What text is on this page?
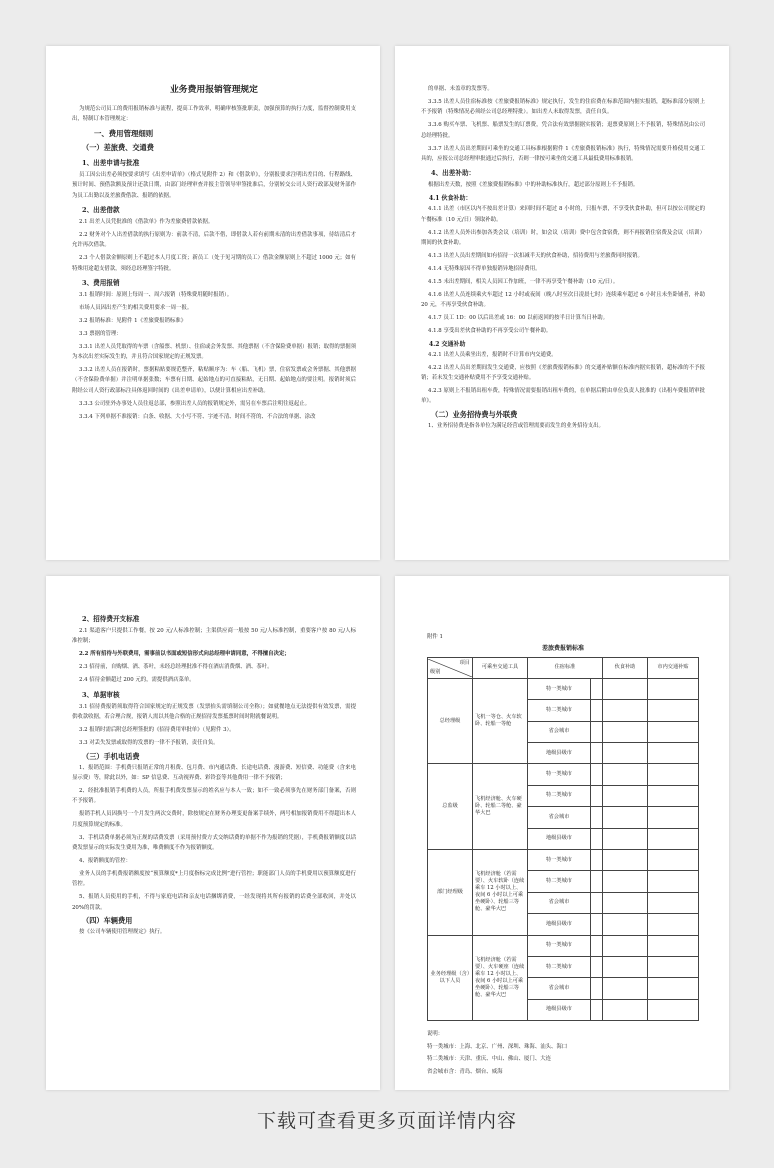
业务费用报销管理规定
为规范公司员工的费用报销标准与流程，提高工作效率，明确审核签批职责，加强预算的执行力度，监督控制费用支出，特制订本管理规定：
一、费用管理细则
（一）差旅费、交通费
1、出差申请与批准
员工因公出差必须按要求填写《出差申请单》（格式见附件 2）和《借款单》，分别报要求注明出差目的、行程路线、预计时间、预借款额及预计还款日期，由部门经理审查并报主管领导审签批准后，分别转交公司人资行政部及财务部作为员工出勤以及差旅费借款、报销的依据。
2、出差借款
2.1 出差人员凭批准的《借款单》作为差旅费借款依据。
2.2 财务对个人出差借款的执行原则为：前款不清，后款不借，即借款人若有前期未清的出差借款事项，待结清后才允许再次借款。
2.3 个人借款金额原则上不超过本人月度工资；新员工（处于见习期的员工）借款金额原则上不超过 1000 元；如有特殊用途超支借款，须经总经理签字特批。
3、费用报销
3.1 报销时间：原则上每周一、周六报销（特殊费用随时报销）。
市场人员因出差产生的相关费用要求一周一报。
3.2 报销标准：见附件 1《差旅费报销标准》
3.3 票据的管理：
3.3.1 出差人员凭取得的车票（含船票、机票）、住宿或会务发票、其他票据（不含保险费单据）报销；取得的票据须为本次出差实际发生的，并且符合国家规定的正规发票。
3.3.2 出差人员在报销时，票据粘贴要规范整齐，粘贴顺序为：车（船、飞机）票，住宿发票或会务票据、其他票据（不含保险费单据）并注明单据张数；车票有日期、起始地点的可直接粘贴，无日期、起始地点的要注明。报销时须后附经公司人资行政部标注具体返回时间的《出差申请单》，以便计算相应出差补助。
3.3.3 公司驻外办事处人员往返总部，参照出差人员的报销规定外，需另在车票后注明往返起止。
3.3.4 下列单据不准报销：白条、收据、大小写不符、字迹不清、时间不符的、不合法的单据、涂改
的单据、未盖章的发票等。
3.3.5 出差人员住宿标准按《差旅费报销标准》规定执行，发生的住宿费在标准范围内据实报销，超标准部分原则上不予报销（特殊情况必须经公司总经理特批）。如出差人未取得发票，责任自负。
3.3.6 购买车票、飞机票、船票发生的订票费，凭合法有效票据据实报销；退票费原则上不予报销，特殊情况由公司总经理特批。
3.3.7 出差人员出差期间可乘坐的交通工具标准根据附件 1《差旅费报销标准》执行，特殊情况需要升格使用交通工具的，应报公司总经理审批通过后执行，否则一律按可乘坐的交通工具最低费用标准报销。
4、出差补助：
根据出差天数，按照《差旅费报销标准》中的补助标准执行，超过部分原则上不予报销。
4.1 伙食补助：
4.1.1 出差（市区以内不按出差计算）来回时间不超过 8 小时的，只报车票，不享受伙食补助，但可以按公司规定的午餐标准（10 元/日）领取补助。
4.1.2 出差人员外出参加各类会议（培训）时，如会议（培训）费中包含食宿费，则不再报销住宿费及会议（培训）期间的伙食补助。
4.1.3 出差人员出差期间如有招待一次扣减半天的伙食补助，招待费用与差旅费同时报销。
4.1.4 无特殊原因不得单独报销异地招待费用。
4.1.5 未出差期间，相关人员因工作加班，一律不再享受午餐补助（10 元/日）。
4.1.6 出差人员连续乘火车超过 12 小时或夜间（晚八时至次日凌晨七时）连续乘车超过 6 小时且未坐卧铺者，补助 20 元，不再享受伙食补助。
4.1.7 员工 1D：00 以后出差或 16：00 以前返回的按半日计算当日补助。
4.1.8 享受出差伙食补助的不再享受公司午餐补助。
4.2 交通补助
4.2.1 出差人员乘坐出差，报销时不计算市内交通费。
4.2.2 出差人员出差期间发生交通费，应按照《差旅费报销标准》的交通补贴额在标准内据实报销，超标准的不予报销；若未发生交通补贴费用不予享受交通补贴。
4.2.3 原则上不报销出租车费，特殊情况需要报销出租车费的，在单据后附由单位负责人批准的《出租车费报销审批单》。
（二）业务招待费与外联费
1、业务招待费是指各单位为满足经营或管理需要而发生的业务招待支出。
2、招待费开支标准
2.1 渠道客户只提供工作餐，按 20 元/人标准控制；主渠供应商一般按 50 元/人标准控制，重要客户按 80 元/人标准控制；
2.2 所有招待与外联费用，需事前以书面或短信形式向总经理申请同意，不得擅自决定；
2.3 招待前，自购烟、酒、茶叶，未经总经理批准不得在酒店消费烟、酒、茶叶。
2.4 招待金额超过 200 元的，需提供酒店菜单。
3、单据审核
3.1 招待费报销须取得符合国家规定的正规发票（发票抬头需填制公司全称）；如就餐地点无法提供有效发票，需提供收款收据，若合理合规，报销人需以其他合格的正规招待发票抵票时间时附就餐说明。
3.2 报销时需后附总经理签批的《招待费用审批单》（见附件 3）。
3.3 对丢失发票或取得的发票的一律不予报销，责任自负。
（三）手机电话费
1、报销范围：手机费只报销正常的月租费、包月费、市内通话费、长途电话费、漫游费、短信费、功能费（含来电显示费）等，除此以外，如：SP 信息费、互动视界费、彩铃套等其他费用一律不予报销；
2、经批准报销手机费的人员，所报手机费发票显示的姓名应与本人一致；如不一致必须事先在财务部门备案，否则不予报销。
报销手机人员因换号一个月发生两次交费时，除按规定在财务办理变更备案手续外，两号相加报销费用不得超出本人月度预算规定的标准。
3、手机话费单据必须为正规的话费发票（采用预付费方式交纳话费的单据不作为报销的凭据），手机费报销额度以话费发票显示的实际发生费用为准，唯费额度不作为报销额度。
4、报销额度的管控：
业务人员的手机费报销额度按“预算额度*上月度指标完成比例”进行管控；职能部门人员的手机费用以预算额度进行管控。
5、报销人员使用的手机，不得与家庭电话和亲友电话捆绑消费，一经发现将其所有报销的话费全部收回，并处以 20%的罚款。
（四）车辆费用
按《公司车辆使用管理规定》执行。
附件 1
差旅费报销标准
项目
级别	可乘坐交通工具	住宿标准		伙食补助	市内交通补贴
总经理级	飞机一等仓、火车软卧、轮船一等舱	特一类城市			
		特二类城市			
		省会城市			
		地级县级市			
总监级	飞机经济舱、火车硬卧、轮船二等舱、豪华大巴	特一类城市			
		特二类城市			
		省会城市			
		地级县级市			
部门经理级	飞机经济舱（若需要）、火车软卧（连续乘车 12 小时以上、夜间 6 小时以上可乘坐硬卧）、轮船三等舱、豪华大巴	特一类城市			
		特二类城市			
		省会城市			
		地级县级市			
业务经理级（含）以下人员	飞机经济舱（若需要）、火车硬座（连续乘车 12 小时以上、夜间 6 小时以上可乘坐硬卧）、轮船三等舱、豪华大巴	特一类城市			
		特二类城市			
		省会城市			
		地级县级市			
说明：
特一类城市：上海、北京、广州、深圳、珠海、汕头、海口
特二类城市：天津、重庆、中山、佛山、厦门、大连
省会城市含：青岛、烟台、威海
下载可查看更多页面详情内容
